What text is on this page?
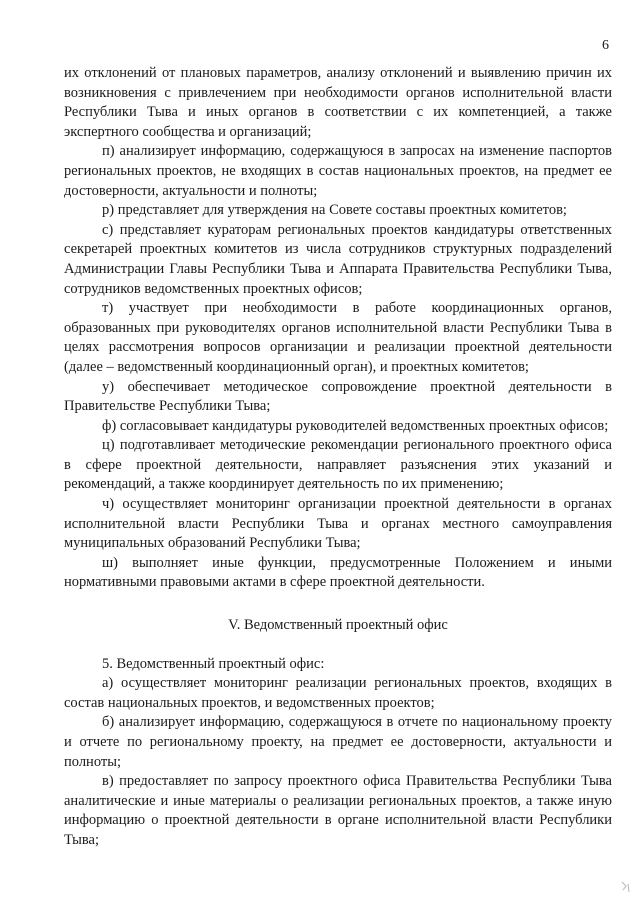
6

их отклонений от плановых параметров, анализу отклонений и выявлению причин их возникновения с привлечением при необходимости органов исполнительной власти Республики Тыва и иных органов в соответствии с их компетенцией, а также экспертного сообщества и организаций;

п) анализирует информацию, содержащуюся в запросах на изменение паспортов региональных проектов, не входящих в состав национальных проектов, на предмет ее достоверности, актуальности и полноты;

р) представляет для утверждения на Совете составы проектных комитетов;

с) представляет кураторам региональных проектов кандидатуры ответственных секретарей проектных комитетов из числа сотрудников структурных подразделений Администрации Главы Республики Тыва и Аппарата Правительства Республики Тыва, сотрудников ведомственных проектных офисов;

т) участвует при необходимости в работе координационных органов, образованных при руководителях органов исполнительной власти Республики Тыва в целях рассмотрения вопросов организации и реализации проектной деятельности (далее – ведомственный координационный орган), и проектных комитетов;

у) обеспечивает методическое сопровождение проектной деятельности в Правительстве Республики Тыва;

ф) согласовывает кандидатуры руководителей ведомственных проектных офисов;

ц) подготавливает методические рекомендации регионального проектного офиса в сфере проектной деятельности, направляет разъяснения этих указаний и рекомендаций, а также координирует деятельность по их применению;

ч) осуществляет мониторинг организации проектной деятельности в органах исполнительной власти Республики Тыва и органах местного самоуправления муниципальных образований Республики Тыва;

ш) выполняет иные функции, предусмотренные Положением и иными нормативными правовыми актами в сфере проектной деятельности.

V. Ведомственный проектный офис

5. Ведомственный проектный офис:

а) осуществляет мониторинг реализации региональных проектов, входящих в состав национальных проектов, и ведомственных проектов;

б) анализирует информацию, содержащуюся в отчете по национальному проекту и отчете по региональному проекту, на предмет ее достоверности, актуальности и полноты;

в) предоставляет по запросу проектного офиса Правительства Республики Тыва аналитические и иные материалы о реализации региональных проектов, а также иную информацию о проектной деятельности в органе исполнительной власти Республики Тыва;
